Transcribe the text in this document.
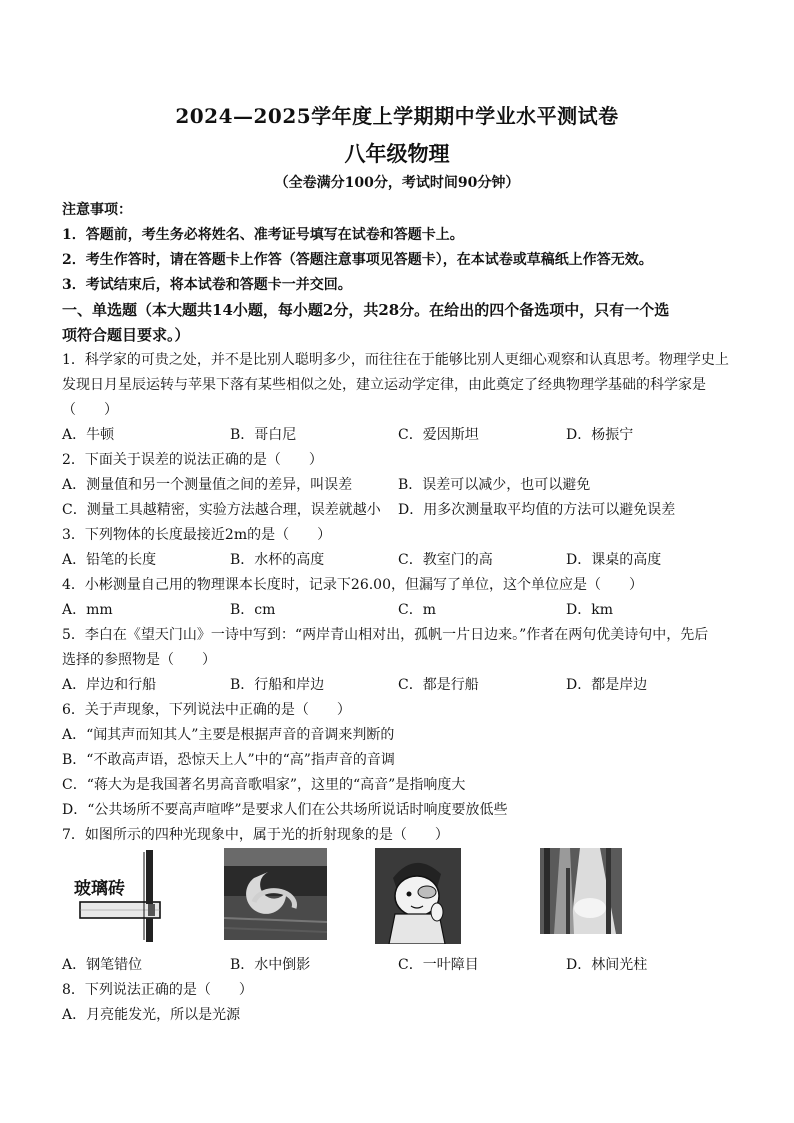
2024—2025学年度上学期期中学业水平测试卷
八年级物理
（全卷满分100分，考试时间90分钟）
注意事项：
1．答题前，考生务必将姓名、准考证号填写在试卷和答题卡上。
2．考生作答时，请在答题卡上作答（答题注意事项见答题卡），在本试卷或草稿纸上作答无效。
3．考试结束后，将本试卷和答题卡一并交回。
一、单选题（本大题共14小题，每小题2分，共28分。在给出的四个备选项中，只有一个选
项符合题目要求。）
1．科学家的可贵之处，并不是比别人聪明多少，而往往在于能够比别人更细心观察和认真思考。物理学史上
发现日月星辰运转与苹果下落有某些相似之处，建立运动学定律，由此奠定了经典物理学基础的科学家是
（　　）
A．牛顿	B．哥白尼	C．爱因斯坦	D．杨振宁
2．下面关于误差的说法正确的是（　　）
A．测量值和另一个测量值之间的差异，叫误差	B．误差可以减少，也可以避免
C．测量工具越精密，实验方法越合理，误差就越小 D．用多次测量取平均值的方法可以避免误差
3．下列物体的长度最接近2m的是（　　）
A．铅笔的长度	B．水杯的高度	C．教室门的高	D．课桌的高度
4．小彬测量自己用的物理课本长度时，记录下26.00，但漏写了单位，这个单位应是（　　）
A．mm	B．cm	C．m	D．km
5．李白在《望天门山》一诗中写到：“两岸青山相对出，孤帆一片日边来。”作者在两句优美诗句中，先后
选择的参照物是（　　）
A．岸边和行船	B．行船和岸边	C．都是行船	D．都是岸边
6．关于声现象，下列说法中正确的是（　　）
A．“闻其声而知其人”主要是根据声音的音调来判断的
B．“不敢高声语，恐惊天上人”中的“高”指声音的音调
C．“蒋大为是我国著名男高音歌唱家”，这里的“高音”是指响度大
D．“公共场所不要高声喧哗”是要求人们在公共场所说话时响度要放低些
7．如图所示的四种光现象中，属于光的折射现象的是（　　）
玻璃砖
A．钢笔错位	B．水中倒影	C．一叶障目	D．林间光柱
8．下列说法正确的是（　　）
A．月亮能发光，所以是光源
